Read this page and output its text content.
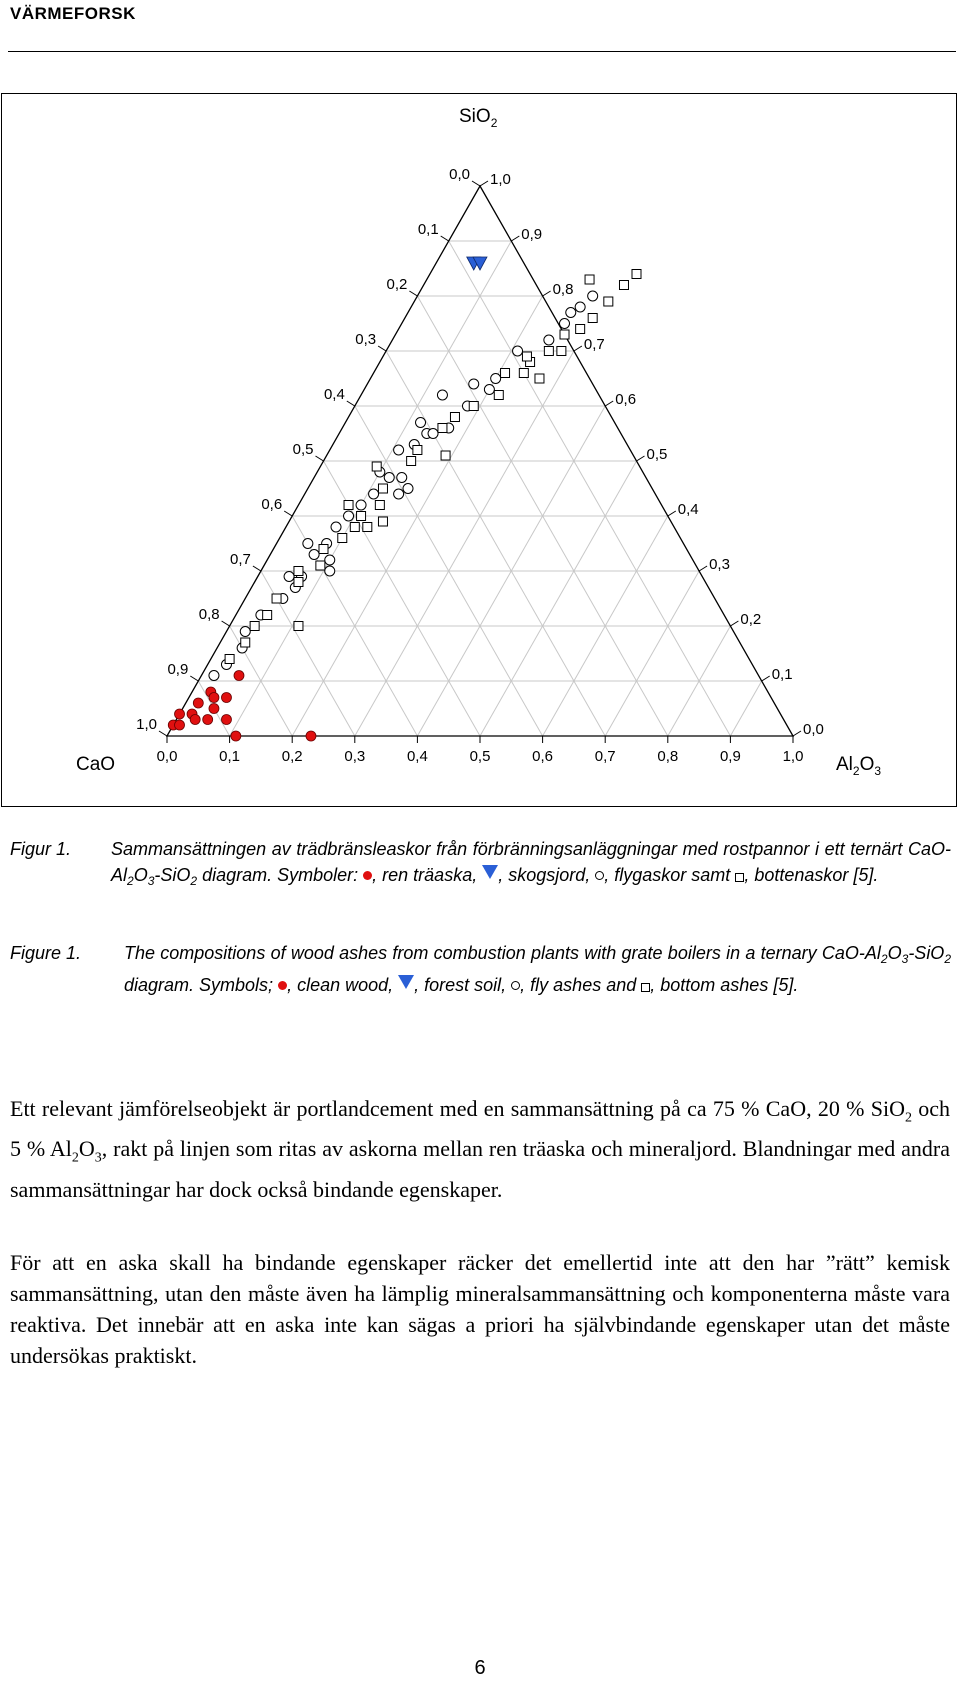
VÄRMEFORSK
0,0
1,0
1,0
0,1
0,9
0,9
0,2
0,8
0,8
0,3
0,7
0,7
0,4
0,6
0,6
0,5
0,5	0,5
0,6
0,4
0,4
0,7
0,3
0,3
0,8
0,2
0,2
0,9
0,1
0,1
1,0
0,0
0,0
SiO$_2$
CaO	$Al_2O_3$
Figur 1. Sammansättningen av trädbränsleaskor från förbränningsanläggningar med rostpannor i ett ternärt CaO-$Al_2O_3-SiO_2$ diagram. Symboler: , ren träaska, , skogsjord, , flygaskor samt , bottenaskor [5].
Figure 1. The compositions of wood ashes from combustion plants with grate boilers in a ternary CaO-$Al_2O_3-SiO_2$ diagram. Symbols; , clean wood, , forest soil, , fly ashes and , bottom ashes [5].

Ett relevant jämförelseobjekt är portlandcement med en sammansättning på ca 75 % CaO, 20 % SiO$_2$ och 5 % $Al_2O_3$, rakt på linjen som ritas av askorna mellan ren träaska och mineraljord. Blandningar med andra sammansättningar har dock också bindande egenskaper.

För att en aska skall ha bindande egenskaper räcker det emellertid inte att den har ”rätt” kemisk sammansättning, utan den måste även ha lämplig mineralsammansättning och komponenterna måste vara reaktiva. Det innebär att en aska inte kan sägas a priori ha självbindande egenskaper utan det måste undersökas praktiskt.

6
